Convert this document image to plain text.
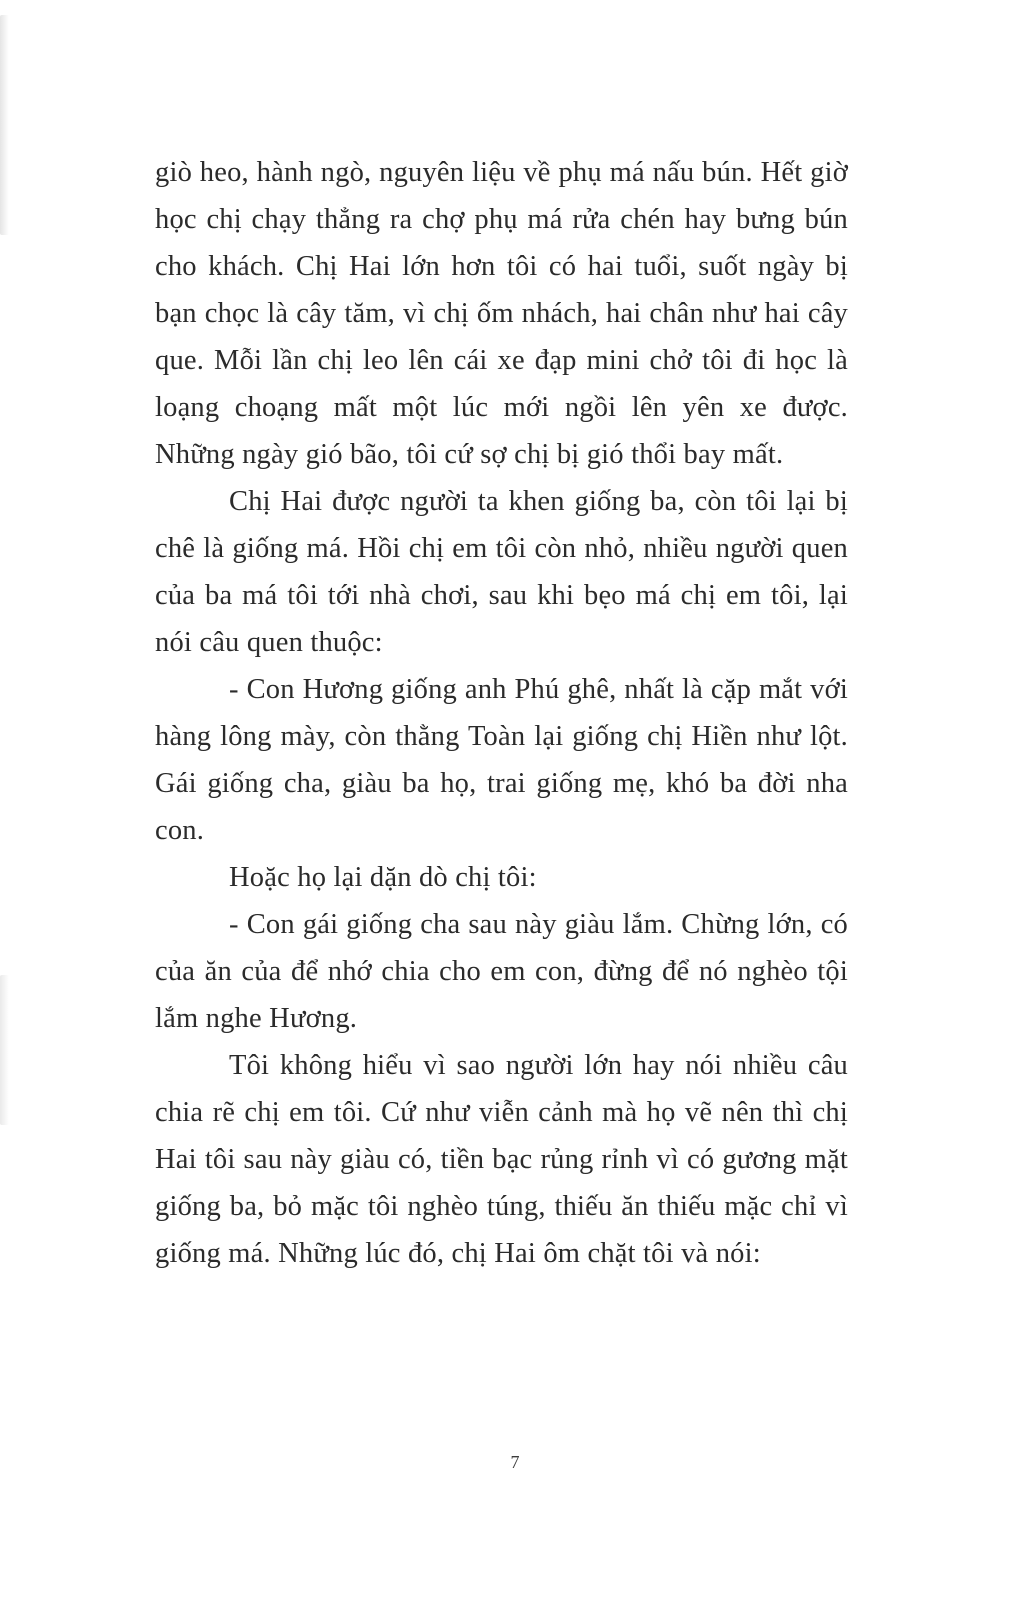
giò heo, hành ngò, nguyên liệu về phụ má nấu bún. Hết giờ học chị chạy thẳng ra chợ phụ má rửa chén hay bưng bún cho khách. Chị Hai lớn hơn tôi có hai tuổi, suốt ngày bị bạn chọc là cây tăm, vì chị ốm nhách, hai chân như hai cây que. Mỗi lần chị leo lên cái xe đạp mini chở tôi đi học là loạng choạng mất một lúc mới ngồi lên yên xe được. Những ngày gió bão, tôi cứ sợ chị bị gió thổi bay mất.

Chị Hai được người ta khen giống ba, còn tôi lại bị chê là giống má. Hồi chị em tôi còn nhỏ, nhiều người quen của ba má tôi tới nhà chơi, sau khi bẹo má chị em tôi, lại nói câu quen thuộc:

- Con Hương giống anh Phú ghê, nhất là cặp mắt với hàng lông mày, còn thằng Toàn lại giống chị Hiền như lột. Gái giống cha, giàu ba họ, trai giống mẹ, khó ba đời nha con.

Hoặc họ lại dặn dò chị tôi:

- Con gái giống cha sau này giàu lắm. Chừng lớn, có của ăn của để nhớ chia cho em con, đừng để nó nghèo tội lắm nghe Hương.

Tôi không hiểu vì sao người lớn hay nói nhiều câu chia rẽ chị em tôi. Cứ như viễn cảnh mà họ vẽ nên thì chị Hai tôi sau này giàu có, tiền bạc rủng rỉnh vì có gương mặt giống ba, bỏ mặc tôi nghèo túng, thiếu ăn thiếu mặc chỉ vì giống má. Những lúc đó, chị Hai ôm chặt tôi và nói:

7
